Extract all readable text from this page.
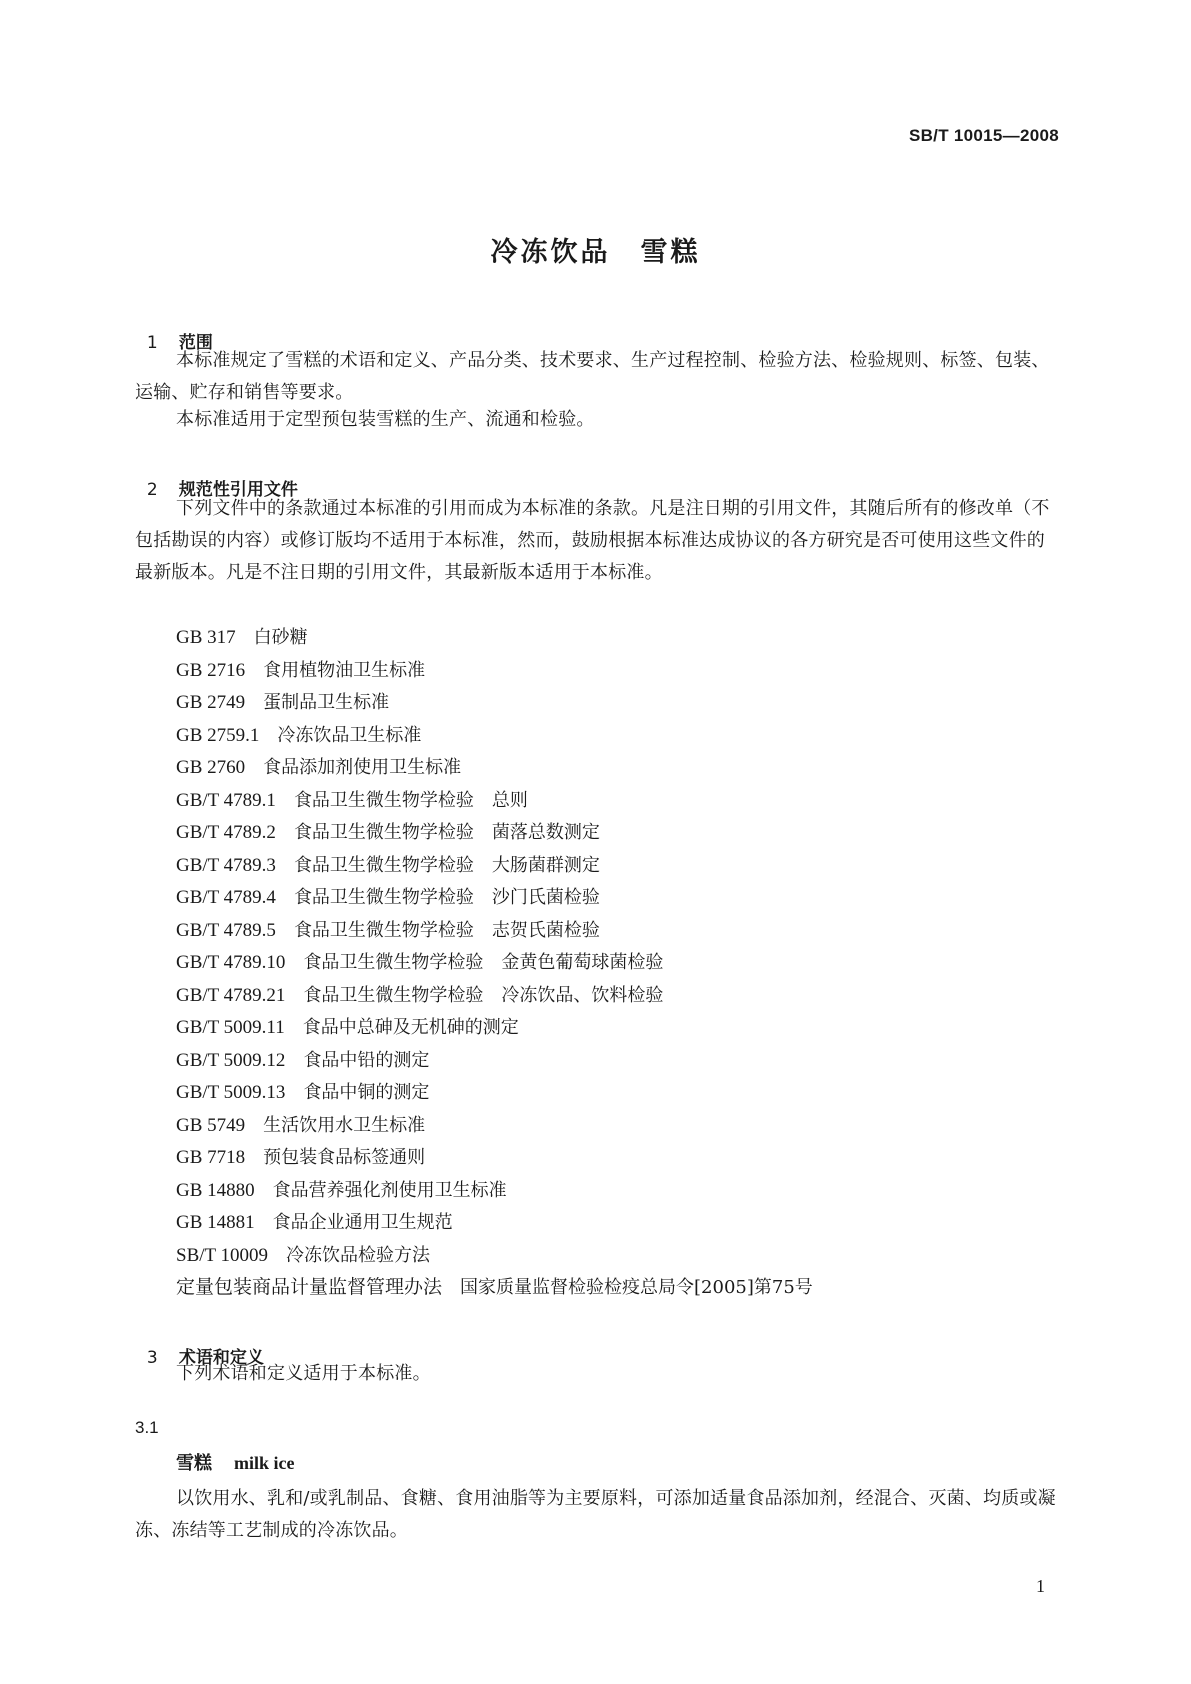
SB/T 10015—2008
冷冻饮品　雪糕

1 范围

本标准规定了雪糕的术语和定义、产品分类、技术要求、生产过程控制、检验方法、检验规则、标签、包装、运输、贮存和销售等要求。
本标准适用于定型预包装雪糕的生产、流通和检验。

2 规范性引用文件

下列文件中的条款通过本标准的引用而成为本标准的条款。凡是注日期的引用文件，其随后所有的修改单（不包括勘误的内容）或修订版均不适用于本标准，然而，鼓励根据本标准达成协议的各方研究是否可使用这些文件的最新版本。凡是不注日期的引用文件，其最新版本适用于本标准。
GB 317 白砂糖
GB 2716 食用植物油卫生标准
GB 2749 蛋制品卫生标准
GB 2759.1 冷冻饮品卫生标准
GB 2760 食品添加剂使用卫生标准
GB/T 4789.1 食品卫生微生物学检验　总则
GB/T 4789.2 食品卫生微生物学检验　菌落总数测定
GB/T 4789.3 食品卫生微生物学检验　大肠菌群测定
GB/T 4789.4 食品卫生微生物学检验　沙门氏菌检验
GB/T 4789.5 食品卫生微生物学检验　志贺氏菌检验
GB/T 4789.10 食品卫生微生物学检验　金黄色葡萄球菌检验
GB/T 4789.21 食品卫生微生物学检验　冷冻饮品、饮料检验
GB/T 5009.11 食品中总砷及无机砷的测定
GB/T 5009.12 食品中铅的测定
GB/T 5009.13 食品中铜的测定
GB 5749 生活饮用水卫生标准
GB 7718 预包装食品标签通则
GB 14880 食品营养强化剂使用卫生标准
GB 14881 食品企业通用卫生规范
SB/T 10009 冷冻饮品检验方法
定量包装商品计量监督管理办法 国家质量监督检验检疫总局令[2005]第75号

3 术语和定义

下列术语和定义适用于本标准。
3.1
雪糕 milk ice
以饮用水、乳和/或乳制品、食糖、食用油脂等为主要原料，可添加适量食品添加剂，经混合、灭菌、均质或凝冻、冻结等工艺制成的冷冻饮品。
1
